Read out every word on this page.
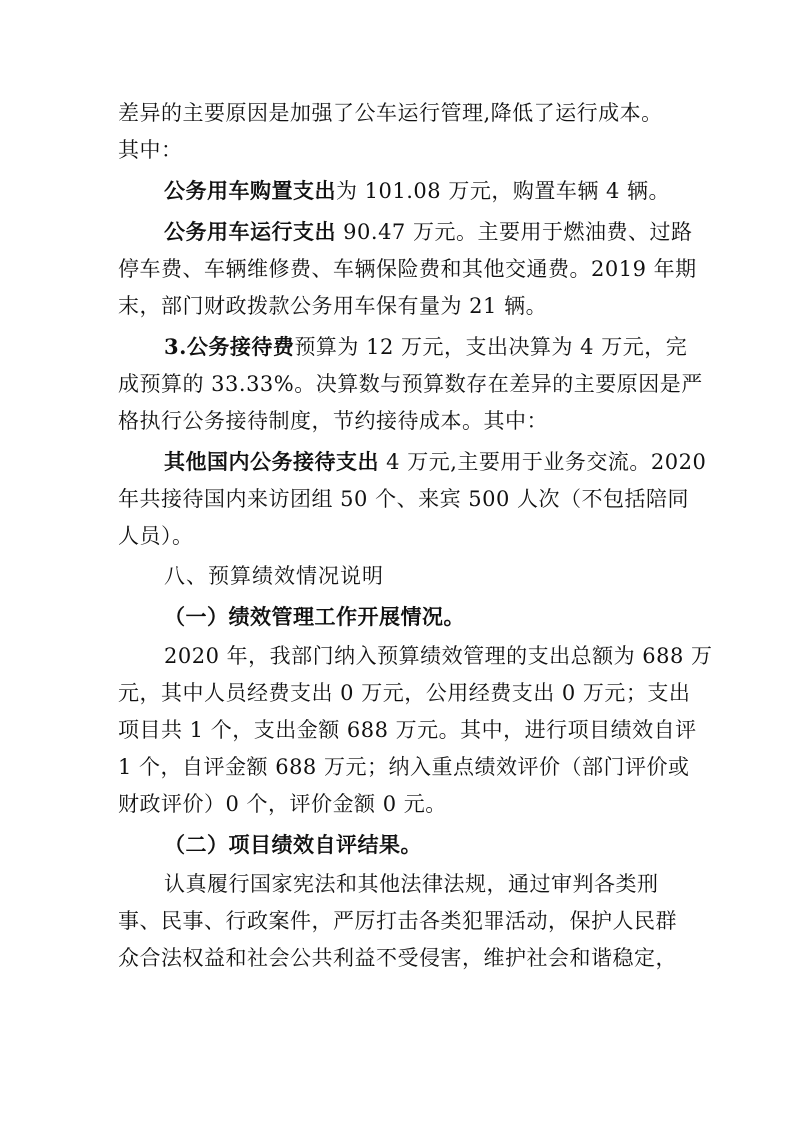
差异的主要原因是加强了公车运行管理,降低了运行成本。
其中：
公务用车购置支出为 101.08 万元，购置车辆 4 辆。
公务用车运行支出 90.47 万元。主要用于燃油费、过路
停车费、车辆维修费、车辆保险费和其他交通费。2019 年期
末，部门财政拨款公务用车保有量为 21 辆。
3.公务接待费预算为 12 万元，支出决算为 4 万元，完
成预算的 33.33%。决算数与预算数存在差异的主要原因是严
格执行公务接待制度，节约接待成本。其中：
其他国内公务接待支出 4 万元,主要用于业务交流。2020
年共接待国内来访团组 50 个、来宾 500 人次（不包括陪同
人员）。
八、预算绩效情况说明
（一）绩效管理工作开展情况。
2020 年，我部门纳入预算绩效管理的支出总额为 688 万
元，其中人员经费支出 0 万元，公用经费支出 0 万元；支出
项目共 1 个，支出金额 688 万元。其中，进行项目绩效自评
1 个，自评金额 688 万元；纳入重点绩效评价（部门评价或
财政评价）0 个，评价金额 0 元。
（二）项目绩效自评结果。
认真履行国家宪法和其他法律法规，通过审判各类刑
事、民事、行政案件，严厉打击各类犯罪活动，保护人民群
众合法权益和社会公共利益不受侵害，维护社会和谐稳定，
